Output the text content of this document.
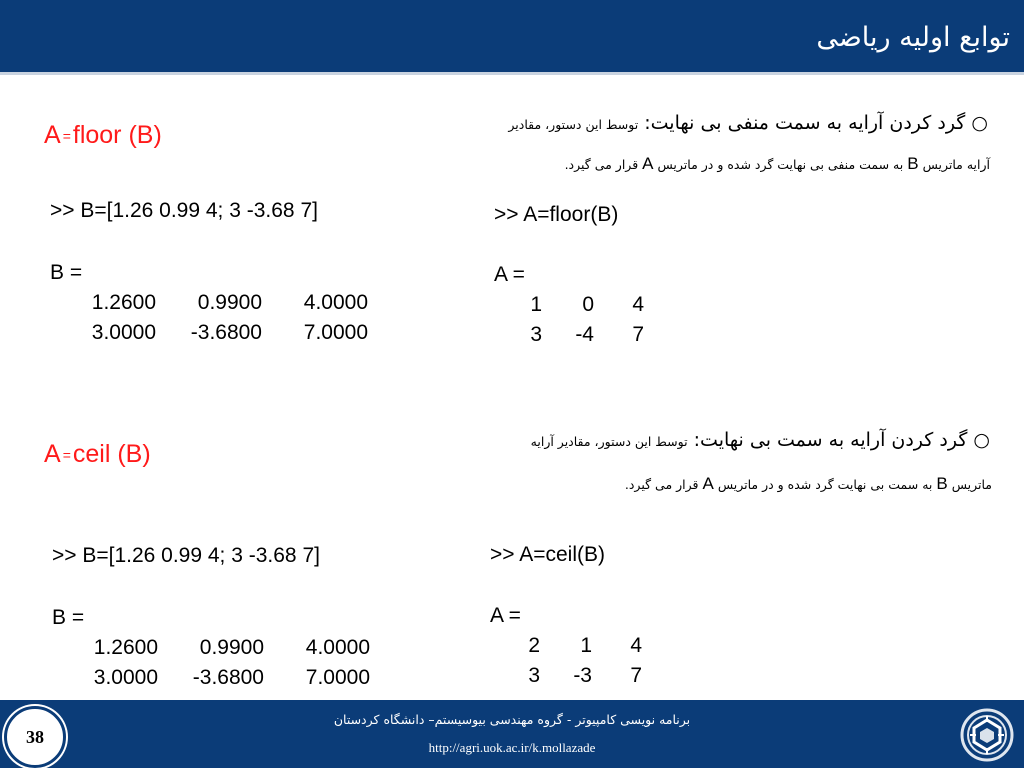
توابع اولیه ریاضی
A =floor (B)	○ گرد کردن آرایه به سمت منفی بی نهایت: توسط این دستور، مقادیر
آرایه ماتریس B به سمت منفی بی نهایت گرد شده و در ماتریس A قرار می گیرد.
>> B=[1.26 0.99 4; 3 -3.68 7]
B =
1.2600	0.9900	4.0000
3.0000	-3.6800	7.0000
>> A=floor(B)
A =
1	0	4
3	-4	7
A =ceil (B)	○ گرد کردن آرایه به سمت بی نهایت: توسط این دستور، مقادیر آرایه
ماتریس B به سمت بی نهایت گرد شده و در ماتریس A قرار می گیرد.
>> B=[1.26 0.99 4; 3 -3.68 7]
B =
1.2600	0.9900	4.0000
3.0000	-3.6800	7.0000
>> A=ceil(B)
A =
2	1	4
3	-3	7
38
برنامه نویسی کامپیوتر - گروه مهندسی بیوسیستم– دانشگاه کردستان
http://agri.uok.ac.ir/k.mollazade
